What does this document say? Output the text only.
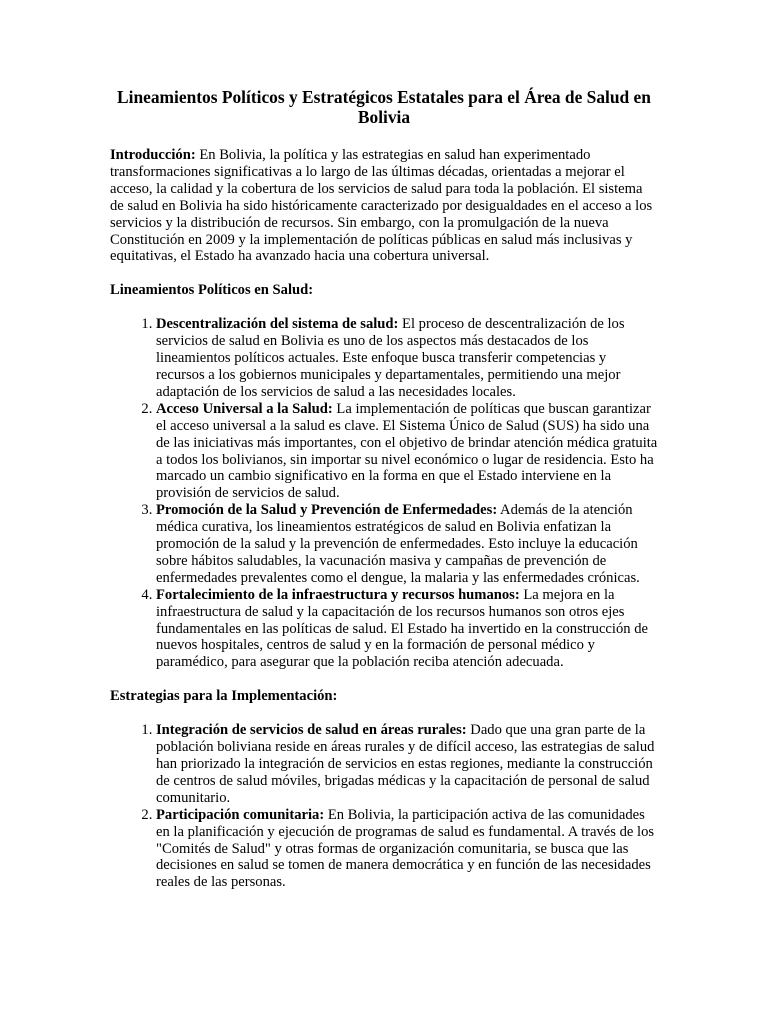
Lineamientos Políticos y Estratégicos Estatales para el Área de Salud en Bolivia

Introducción: En Bolivia, la política y las estrategias en salud han experimentado transformaciones significativas a lo largo de las últimas décadas, orientadas a mejorar el acceso, la calidad y la cobertura de los servicios de salud para toda la población. El sistema de salud en Bolivia ha sido históricamente caracterizado por desigualdades en el acceso a los servicios y la distribución de recursos. Sin embargo, con la promulgación de la nueva Constitución en 2009 y la implementación de políticas públicas en salud más inclusivas y equitativas, el Estado ha avanzado hacia una cobertura universal.

Lineamientos Políticos en Salud:

1. Descentralización del sistema de salud: El proceso de descentralización de los servicios de salud en Bolivia es uno de los aspectos más destacados de los lineamientos políticos actuales. Este enfoque busca transferir competencias y recursos a los gobiernos municipales y departamentales, permitiendo una mejor adaptación de los servicios de salud a las necesidades locales.
2. Acceso Universal a la Salud: La implementación de políticas que buscan garantizar el acceso universal a la salud es clave. El Sistema Único de Salud (SUS) ha sido una de las iniciativas más importantes, con el objetivo de brindar atención médica gratuita a todos los bolivianos, sin importar su nivel económico o lugar de residencia. Esto ha marcado un cambio significativo en la forma en que el Estado interviene en la provisión de servicios de salud.
3. Promoción de la Salud y Prevención de Enfermedades: Además de la atención médica curativa, los lineamientos estratégicos de salud en Bolivia enfatizan la promoción de la salud y la prevención de enfermedades. Esto incluye la educación sobre hábitos saludables, la vacunación masiva y campañas de prevención de enfermedades prevalentes como el dengue, la malaria y las enfermedades crónicas.
4. Fortalecimiento de la infraestructura y recursos humanos: La mejora en la infraestructura de salud y la capacitación de los recursos humanos son otros ejes fundamentales en las políticas de salud. El Estado ha invertido en la construcción de nuevos hospitales, centros de salud y en la formación de personal médico y paramédico, para asegurar que la población reciba atención adecuada.

Estrategias para la Implementación:

1. Integración de servicios de salud en áreas rurales: Dado que una gran parte de la población boliviana reside en áreas rurales y de difícil acceso, las estrategias de salud han priorizado la integración de servicios en estas regiones, mediante la construcción de centros de salud móviles, brigadas médicas y la capacitación de personal de salud comunitario.
2. Participación comunitaria: En Bolivia, la participación activa de las comunidades en la planificación y ejecución de programas de salud es fundamental. A través de los "Comités de Salud" y otras formas de organización comunitaria, se busca que las decisiones en salud se tomen de manera democrática y en función de las necesidades reales de las personas.
